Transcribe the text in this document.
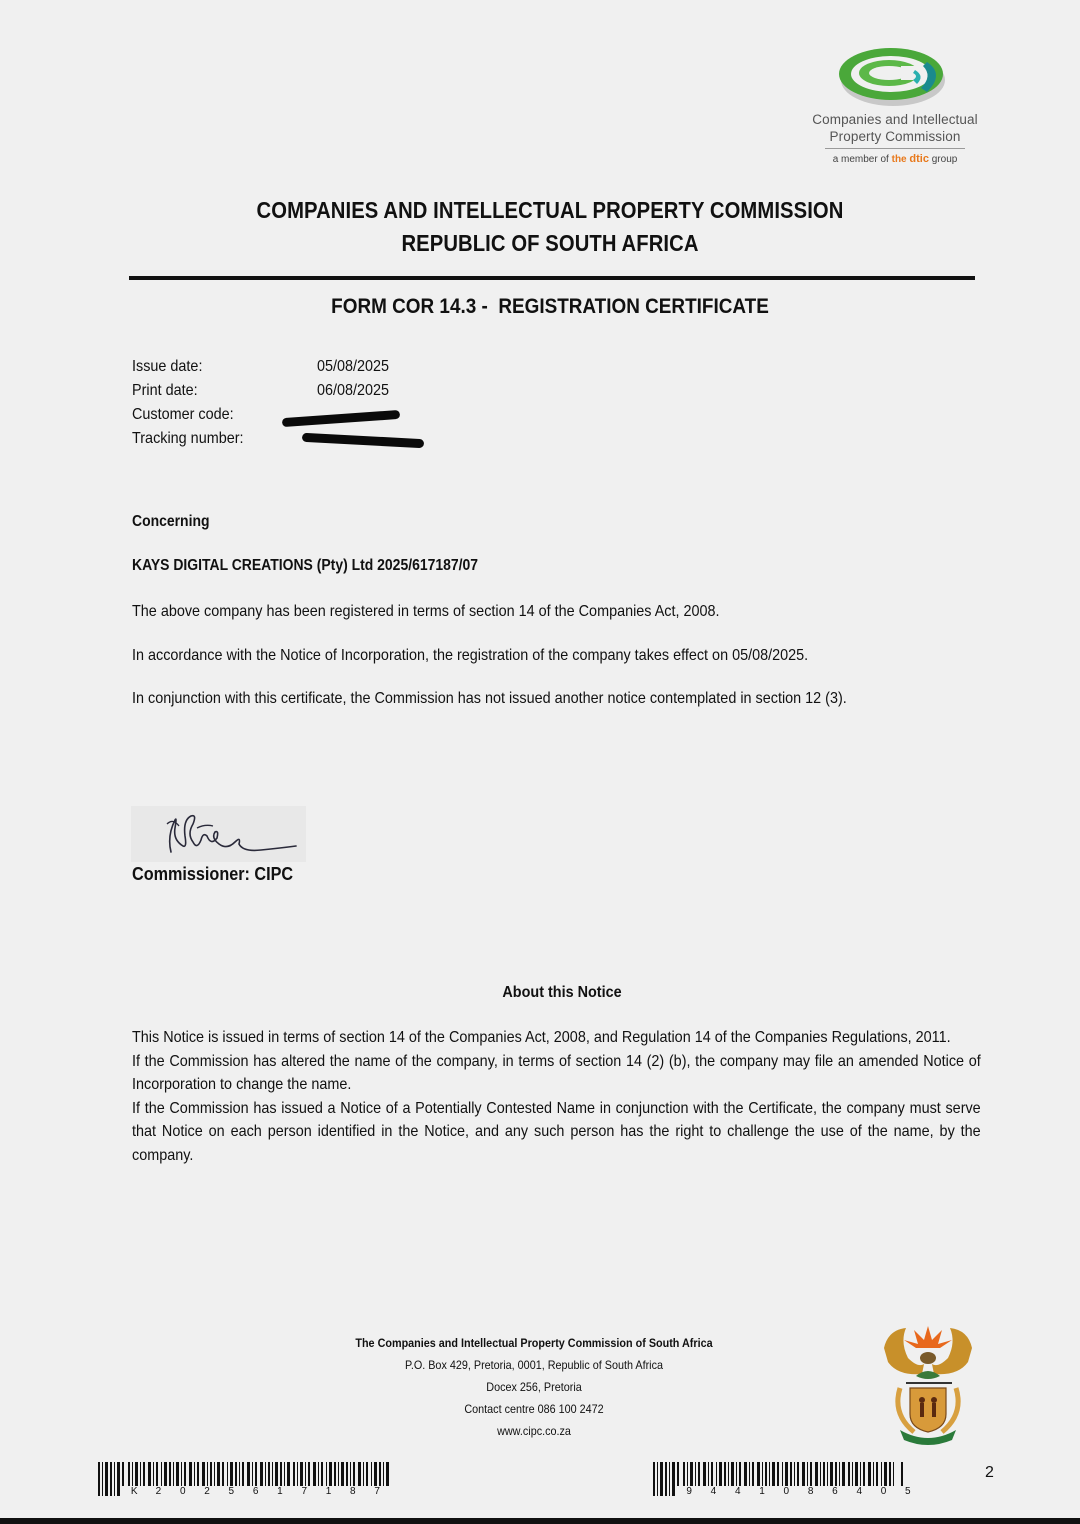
Companies and Intellectual
Property Commission
a member of the dtic group
COMPANIES AND INTELLECTUAL PROPERTY COMMISSION
REPUBLIC OF SOUTH AFRICA
FORM COR 14.3 -  REGISTRATION CERTIFICATE
Issue date:	05/08/2025
Print date:	06/08/2025
Customer code:
Tracking number:
Concerning
KAYS DIGITAL CREATIONS (Pty) Ltd 2025/617187/07
The above company has been registered in terms of section 14 of the Companies Act, 2008.
In accordance with the Notice of Incorporation, the registration of the company takes effect on 05/08/2025.
In conjunction with this certificate, the Commission has not issued another notice contemplated in section 12 (3).
Commissioner: CIPC
About this Notice

This Notice is issued in terms of section 14 of the Companies Act, 2008, and Regulation 14 of the Companies Regulations, 2011.

If the Commission has altered the name of the company, in terms of section 14 (2) (b), the company may file an amended Notice of Incorporation to change the name.

If the Commission has issued a Notice of a Potentially Contested Name in conjunction with the Certificate, the company must serve that Notice on each person identified in the Notice, and any such person has the right to challenge the use of the name, by the company.

The Companies and Intellectual Property Commission of South Africa
P.O. Box 429, Pretoria, 0001, Republic of South Africa
Docex 256, Pretoria
Contact centre 086 100 2472
www.cipc.co.za
K	2	0	2	5	6	1	7	1	8	7	9	4	4	1	0	8	6	4	0	5
2
